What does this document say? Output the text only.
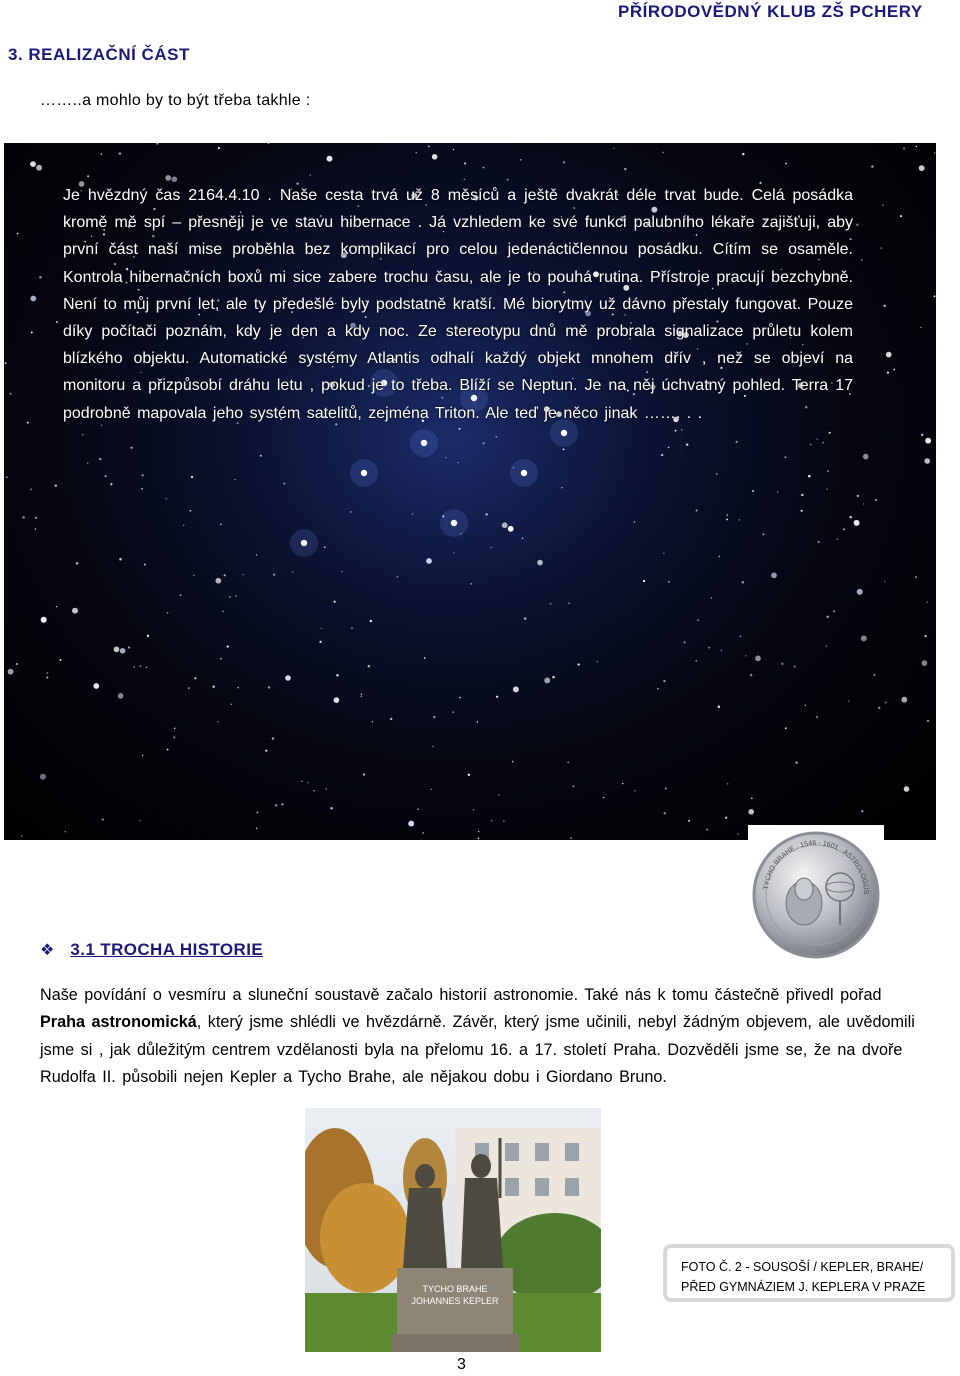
PŘÍRODOVĚDNÝ KLUB ZŠ PCHERY
3. REALIZAČNÍ ČÁST
……..a mohlo by to být třeba takhle :
Je hvězdný čas 2164.4.10 . Naše cesta trvá už 8 měsíců a ještě dvakrát déle trvat bude. Celá posádka kromě mě spí – přesněji je ve stavu hibernace . Já vzhledem ke své funkci palubního lékaře zajišťuji, aby první část naší mise proběhla bez komplikací pro celou jedenáctičlennou posádku. Cítím se osaměle. Kontrola hibernačních boxů mi sice zabere trochu času, ale je to pouhá rutina. Přístroje pracují bezchybně. Není to můj první let, ale ty předešlé byly podstatně kratší. Mé biorytmy už dávno přestaly fungovat. Pouze díky počítači poznám, kdy je den a kdy noc. Ze stereotypu dnů mě probrala signalizace průletu kolem blízkého objektu. Automatické systémy Atlantis odhalí každý objekt mnohem dřív , než se objeví na monitoru a přizpůsobí dráhu letu , pokud je to třeba. Blíží se Neptun. Je na něj úchvatný pohled. Terra 17 podrobně mapovala jeho systém satelitů, zejména Triton. Ale teď je něco jinak ……. . .
TYCHO BRAHE · 1546 - 1601 · ASTROLOGUS
❖ 3.1 TROCHA HISTORIE
Naše povídání o vesmíru a sluneční soustavě začalo historií astronomie. Také nás k tomu částečně přivedl pořad Praha astronomická, který jsme shlédli ve hvězdárně. Závěr, který jsme učinili, nebyl žádným objevem, ale uvědomili jsme si , jak důležitým centrem vzdělanosti byla na přelomu 16. a 17. století Praha. Dozvěděli jsme se, že na dvoře Rudolfa II. působili nejen Kepler a Tycho Brahe, ale nějakou dobu i Giordano Bruno.
TYCHO BRAHE
JOHANNES KEPLER
FOTO Č. 2 - SOUSOŠÍ / KEPLER, BRAHE/
PŘED GYMNÁZIEM J. KEPLERA V PRAZE
3
